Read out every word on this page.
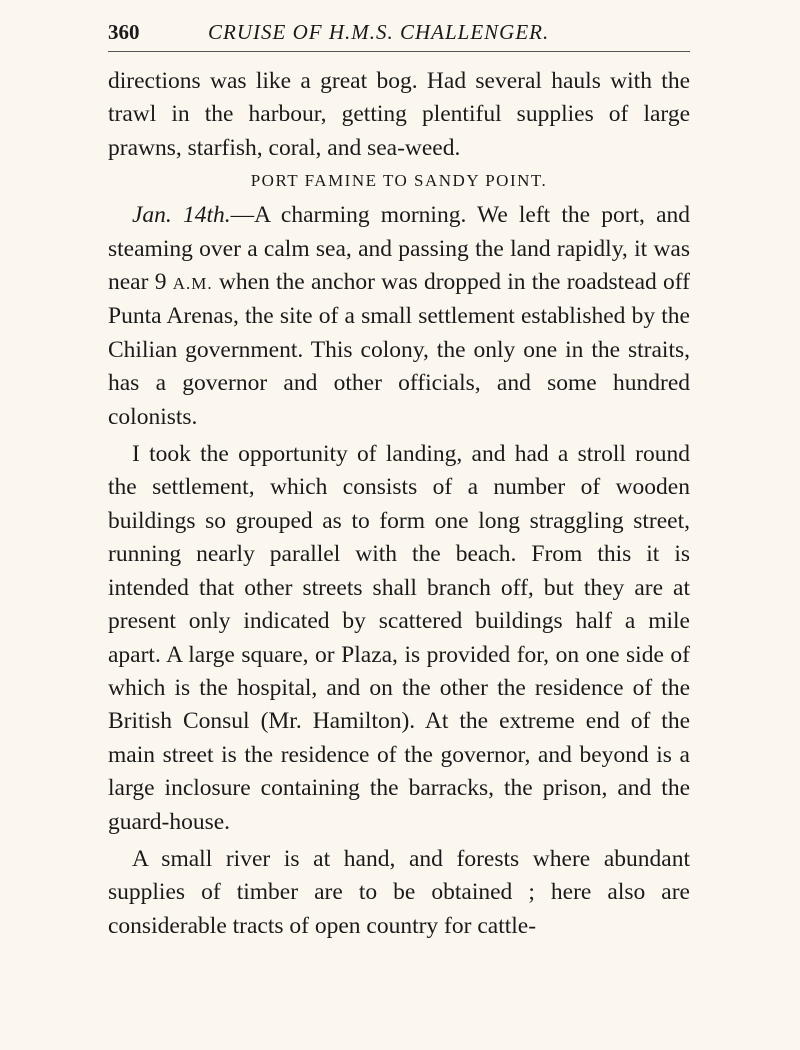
360	CRUISE OF H.M.S. CHALLENGER.

directions was like a great bog. Had several hauls with the trawl in the harbour, getting plentiful supplies of large prawns, starfish, coral, and sea-weed.

PORT FAMINE TO SANDY POINT.

Jan. 14th.—A charming morning. We left the port, and steaming over a calm sea, and passing the land rapidly, it was near 9 A.M. when the anchor was dropped in the roadstead off Punta Arenas, the site of a small settlement established by the Chilian government. This colony, the only one in the straits, has a governor and other officials, and some hundred colonists.

I took the opportunity of landing, and had a stroll round the settlement, which consists of a number of wooden buildings so grouped as to form one long straggling street, running nearly parallel with the beach. From this it is intended that other streets shall branch off, but they are at present only indicated by scattered buildings half a mile apart. A large square, or Plaza, is provided for, on one side of which is the hospital, and on the other the residence of the British Consul (Mr. Hamilton). At the extreme end of the main street is the residence of the governor, and beyond is a large inclosure containing the barracks, the prison, and the guard-house.

A small river is at hand, and forests where abundant supplies of timber are to be obtained ; here also are considerable tracts of open country for cattle-
